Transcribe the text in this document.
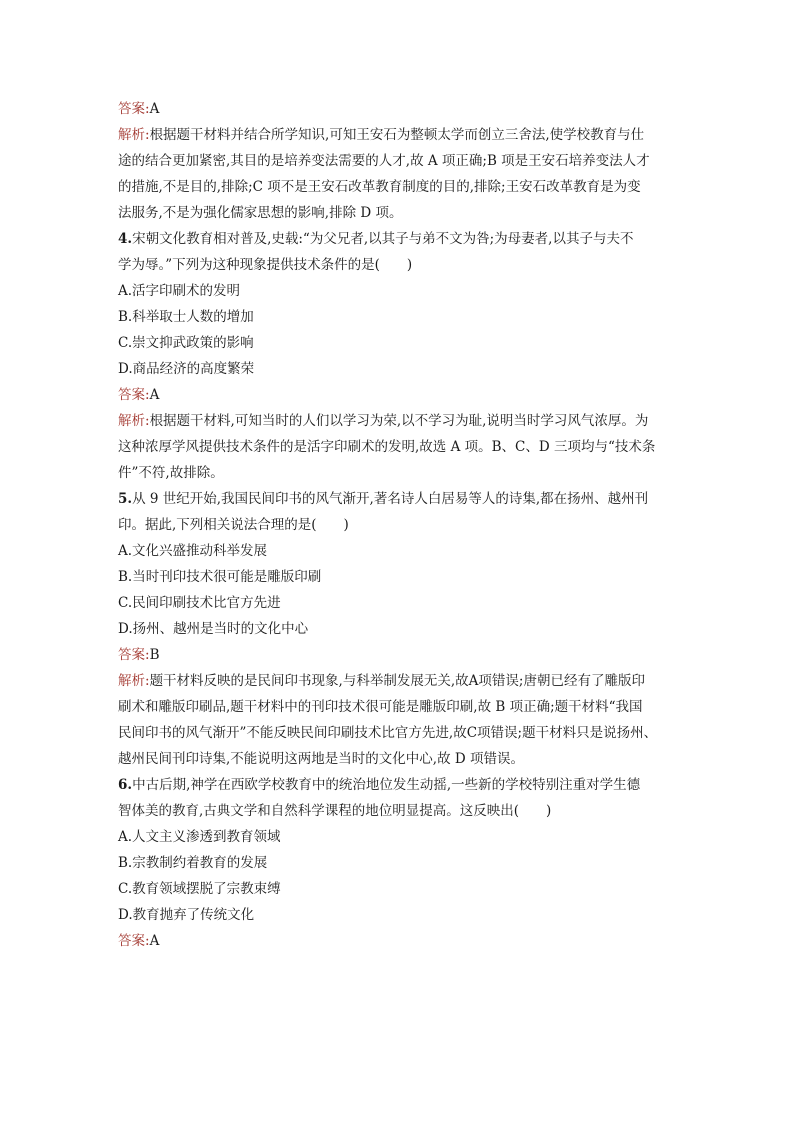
答案:A
解析:根据题干材料并结合所学知识,可知王安石为整顿太学而创立三舍法,使学校教育与仕
途的结合更加紧密,其目的是培养变法需要的人才,故 A 项正确;B 项是王安石培养变法人才
的措施,不是目的,排除;C 项不是王安石改革教育制度的目的,排除;王安石改革教育是为变
法服务,不是为强化儒家思想的影响,排除 D 项。
4.宋朝文化教育相对普及,史载:“为父兄者,以其子与弟不文为咎;为母妻者,以其子与夫不
学为辱。”下列为这种现象提供技术条件的是(　　)
A.活字印刷术的发明
B.科举取士人数的增加
C.崇文抑武政策的影响
D.商品经济的高度繁荣
答案:A
解析:根据题干材料,可知当时的人们以学习为荣,以不学习为耻,说明当时学习风气浓厚。为
这种浓厚学风提供技术条件的是活字印刷术的发明,故选 A 项。B、C、D 三项均与“技术条
件”不符,故排除。
5.从 9 世纪开始,我国民间印书的风气渐开,著名诗人白居易等人的诗集,都在扬州、越州刊
印。据此,下列相关说法合理的是(　　)
A.文化兴盛推动科举发展
B.当时刊印技术很可能是雕版印刷
C.民间印刷技术比官方先进
D.扬州、越州是当时的文化中心
答案:B
解析:题干材料反映的是民间印书现象,与科举制发展无关,故A项错误;唐朝已经有了雕版印
刷术和雕版印刷品,题干材料中的刊印技术很可能是雕版印刷,故 B 项正确;题干材料“我国
民间印书的风气渐开”不能反映民间印刷技术比官方先进,故C项错误;题干材料只是说扬州、
越州民间刊印诗集,不能说明这两地是当时的文化中心,故 D 项错误。
6.中古后期,神学在西欧学校教育中的统治地位发生动摇,一些新的学校特别注重对学生德
智体美的教育,古典文学和自然科学课程的地位明显提高。这反映出(　　)
A.人文主义渗透到教育领域
B.宗教制约着教育的发展
C.教育领域摆脱了宗教束缚
D.教育抛弃了传统文化
答案:A
